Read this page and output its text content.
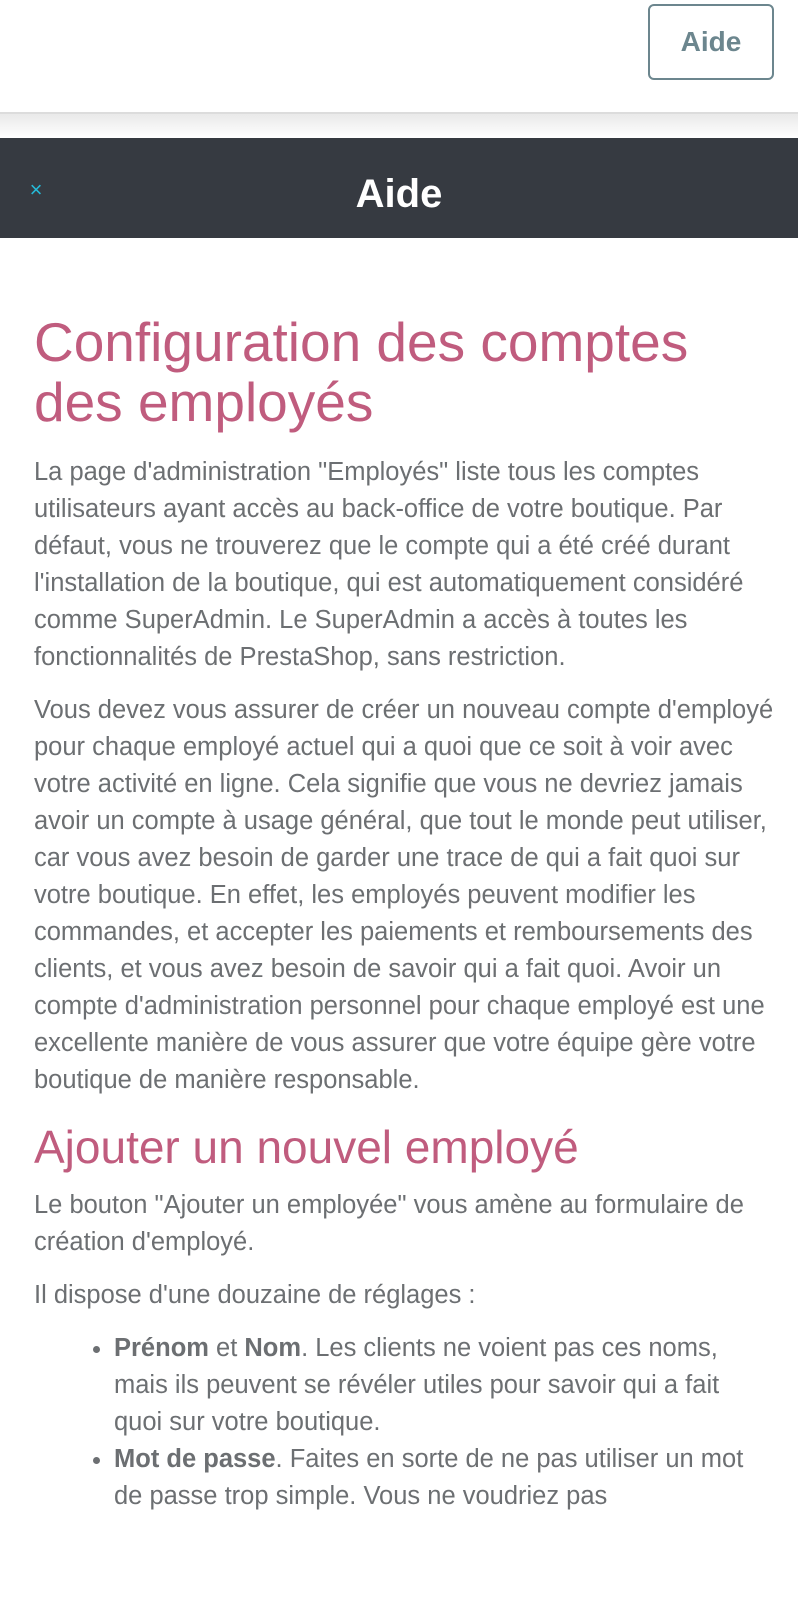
Aide
×	Aide
Configuration des comptes des employés

La page d'administration "Employés" liste tous les comptes utilisateurs ayant accès au back-office de votre boutique. Par défaut, vous ne trouverez que le compte qui a été créé durant l'installation de la boutique, qui est automatiquement considéré comme SuperAdmin. Le SuperAdmin a accès à toutes les fonctionnalités de PrestaShop, sans restriction.

Vous devez vous assurer de créer un nouveau compte d'employé pour chaque employé actuel qui a quoi que ce soit à voir avec votre activité en ligne. Cela signifie que vous ne devriez jamais avoir un compte à usage général, que tout le monde peut utiliser, car vous avez besoin de garder une trace de qui a fait quoi sur votre boutique. En effet, les employés peuvent modifier les commandes, et accepter les paiements et remboursements des clients, et vous avez besoin de savoir qui a fait quoi. Avoir un compte d'administration personnel pour chaque employé est une excellente manière de vous assurer que votre équipe gère votre boutique de manière responsable.

Ajouter un nouvel employé

Le bouton "Ajouter un employée" vous amène au formulaire de création d'employé.

Il dispose d'une douzaine de réglages :

• Prénom et Nom. Les clients ne voient pas ces noms, mais ils peuvent se révéler utiles pour savoir qui a fait quoi sur votre boutique.
• Mot de passe. Faites en sorte de ne pas utiliser un mot de passe trop simple. Vous ne voudriez pas
